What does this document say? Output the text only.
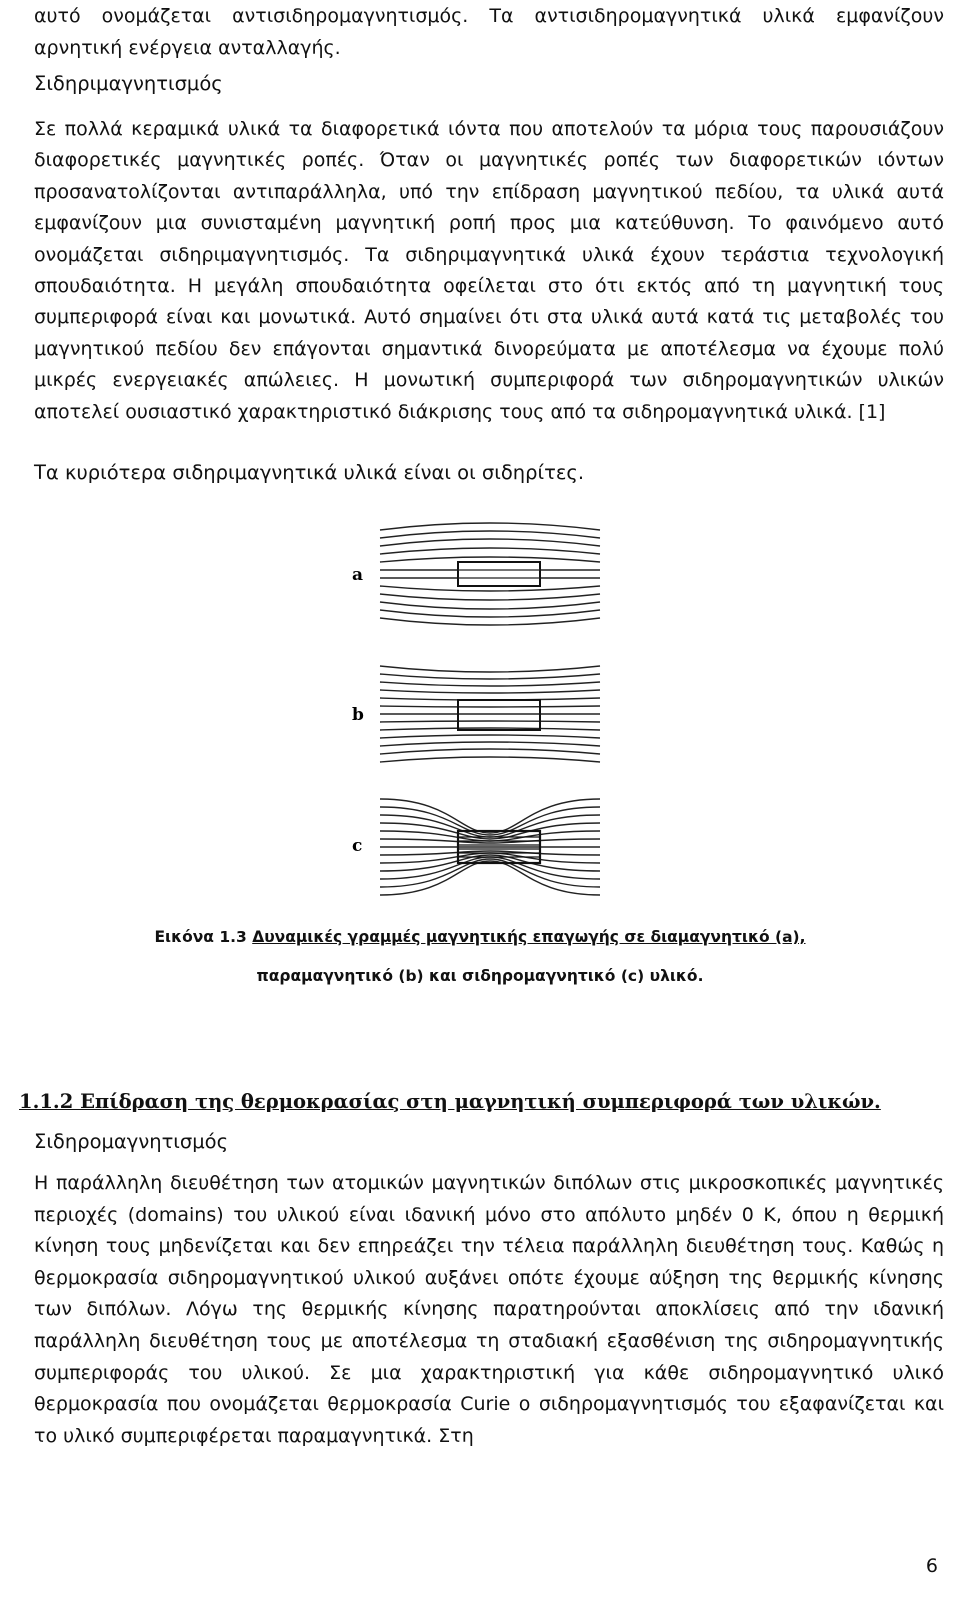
αυτό ονομάζεται αντισιδηρομαγνητισμός. Τα αντισιδηρομαγνητικά υλικά εμφανίζουν αρνητική ενέργεια ανταλλαγής.

Σιδηριμαγνητισμός

Σε πολλά κεραμικά υλικά τα διαφορετικά ιόντα που αποτελούν τα μόρια τους παρουσιάζουν διαφορετικές μαγνητικές ροπές. Όταν οι μαγνητικές ροπές των διαφορετικών ιόντων προσανατολίζονται αντιπαράλληλα, υπό την επίδραση μαγνητικού πεδίου, τα υλικά αυτά εμφανίζουν μια συνισταμένη μαγνητική ροπή προς μια κατεύθυνση. Το φαινόμενο αυτό ονομάζεται σιδηριμαγνητισμός. Τα σιδηριμαγνητικά υλικά έχουν τεράστια τεχνολογική σπουδαιότητα. Η μεγάλη σπουδαιότητα οφείλεται στο ότι εκτός από τη μαγνητική τους συμπεριφορά είναι και μονωτικά. Αυτό σημαίνει ότι στα υλικά αυτά κατά τις μεταβολές του μαγνητικού πεδίου δεν επάγονται σημαντικά δινορεύματα με αποτέλεσμα να έχουμε πολύ μικρές ενεργειακές απώλειες. Η μονωτική συμπεριφορά των σιδηρομαγνητικών υλικών αποτελεί ουσιαστικό χαρακτηριστικό διάκρισης τους από τα σιδηρομαγνητικά υλικά. [1]

Τα κυριότερα σιδηριμαγνητικά υλικά είναι οι σιδηρίτες.

a
b
c

Εικόνα 1.3 Δυναμικές γραμμές μαγνητικής επαγωγής σε διαμαγνητικό (a),

παραμαγνητικό (b) και σιδηρομαγνητικό (c) υλικό.

1.1.2 Επίδραση της θερμοκρασίας στη μαγνητική συμπεριφορά των υλικών.

Σιδηρομαγνητισμός

Η παράλληλη διευθέτηση των ατομικών μαγνητικών διπόλων στις μικροσκοπικές μαγνητικές περιοχές (domains) του υλικού είναι ιδανική μόνο στο απόλυτο μηδέν 0 K, όπου η θερμική κίνηση τους μηδενίζεται και δεν επηρεάζει την τέλεια παράλληλη διευθέτηση τους. Καθώς η θερμοκρασία σιδηρομαγνητικού υλικού αυξάνει οπότε έχουμε αύξηση της θερμικής κίνησης των διπόλων. Λόγω της θερμικής κίνησης παρατηρούνται αποκλίσεις από την ιδανική παράλληλη διευθέτηση τους με αποτέλεσμα τη σταδιακή εξασθένιση της σιδηρομαγνητικής συμπεριφοράς του υλικού. Σε μια χαρακτηριστική για κάθε σιδηρομαγνητικό υλικό θερμοκρασία που ονομάζεται θερμοκρασία Curie ο σιδηρομαγνητισμός του εξαφανίζεται και το υλικό συμπεριφέρεται παραμαγνητικά. Στη

6
